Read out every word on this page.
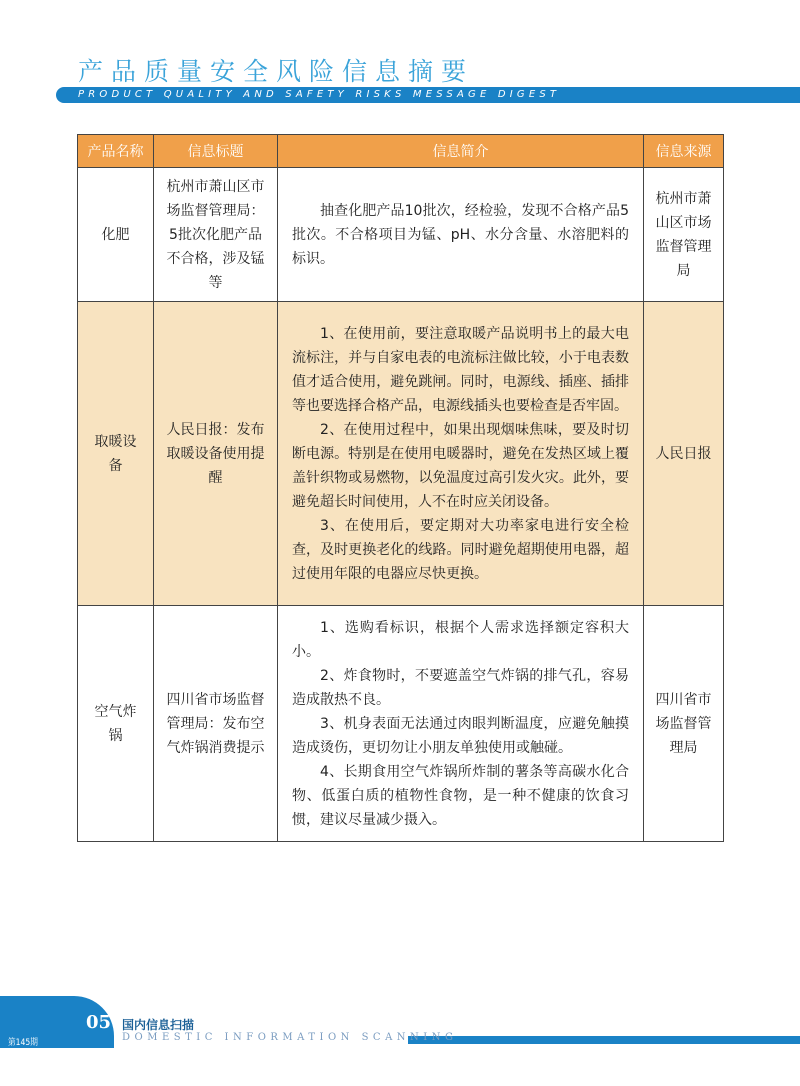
产品质量安全风险信息摘要
PRODUCT QUALITY AND SAFETY RISKS MESSAGE DIGEST
产品名称	信息标题	信息简介	信息来源
化肥	杭州市萧山区市场监督管理局：5批次化肥产品不合格，涉及锰等	抽查化肥产品10批次，经检验，发现不合格产品5批次。不合格项目为锰、pH、水分含量、水溶肥料的标识。	杭州市萧山区市场监督管理局
取暖设备	人民日报：发布取暖设备使用提醒	1、在使用前，要注意取暖产品说明书上的最大电流标注，并与自家电表的电流标注做比较，小于电表数值才适合使用，避免跳闸。同时，电源线、插座、插排等也要选择合格产品，电源线插头也要检查是否牢固。

2、在使用过程中，如果出现烟味焦味，要及时切断电源。特别是在使用电暖器时，避免在发热区域上覆盖针织物或易燃物，以免温度过高引发火灾。此外，要避免超长时间使用，人不在时应关闭设备。

3、在使用后，要定期对大功率家电进行安全检查，及时更换老化的线路。同时避免超期使用电器，超过使用年限的电器应尽快更换。	人民日报
空气炸锅	四川省市场监督管理局：发布空气炸锅消费提示	1、选购看标识，根据个人需求选择额定容积大小。

2、炸食物时，不要遮盖空气炸锅的排气孔，容易造成散热不良。

3、机身表面无法通过肉眼判断温度，应避免触摸造成烫伤，更切勿让小朋友单独使用或触碰。

4、长期食用空气炸锅所炸制的薯条等高碳水化合物、低蛋白质的植物性食物，是一种不健康的饮食习惯，建议尽量减少摄入。	四川省市场监督管理局
05
第145期
国内信息扫描
DOMESTIC INFORMATION SCANNING
